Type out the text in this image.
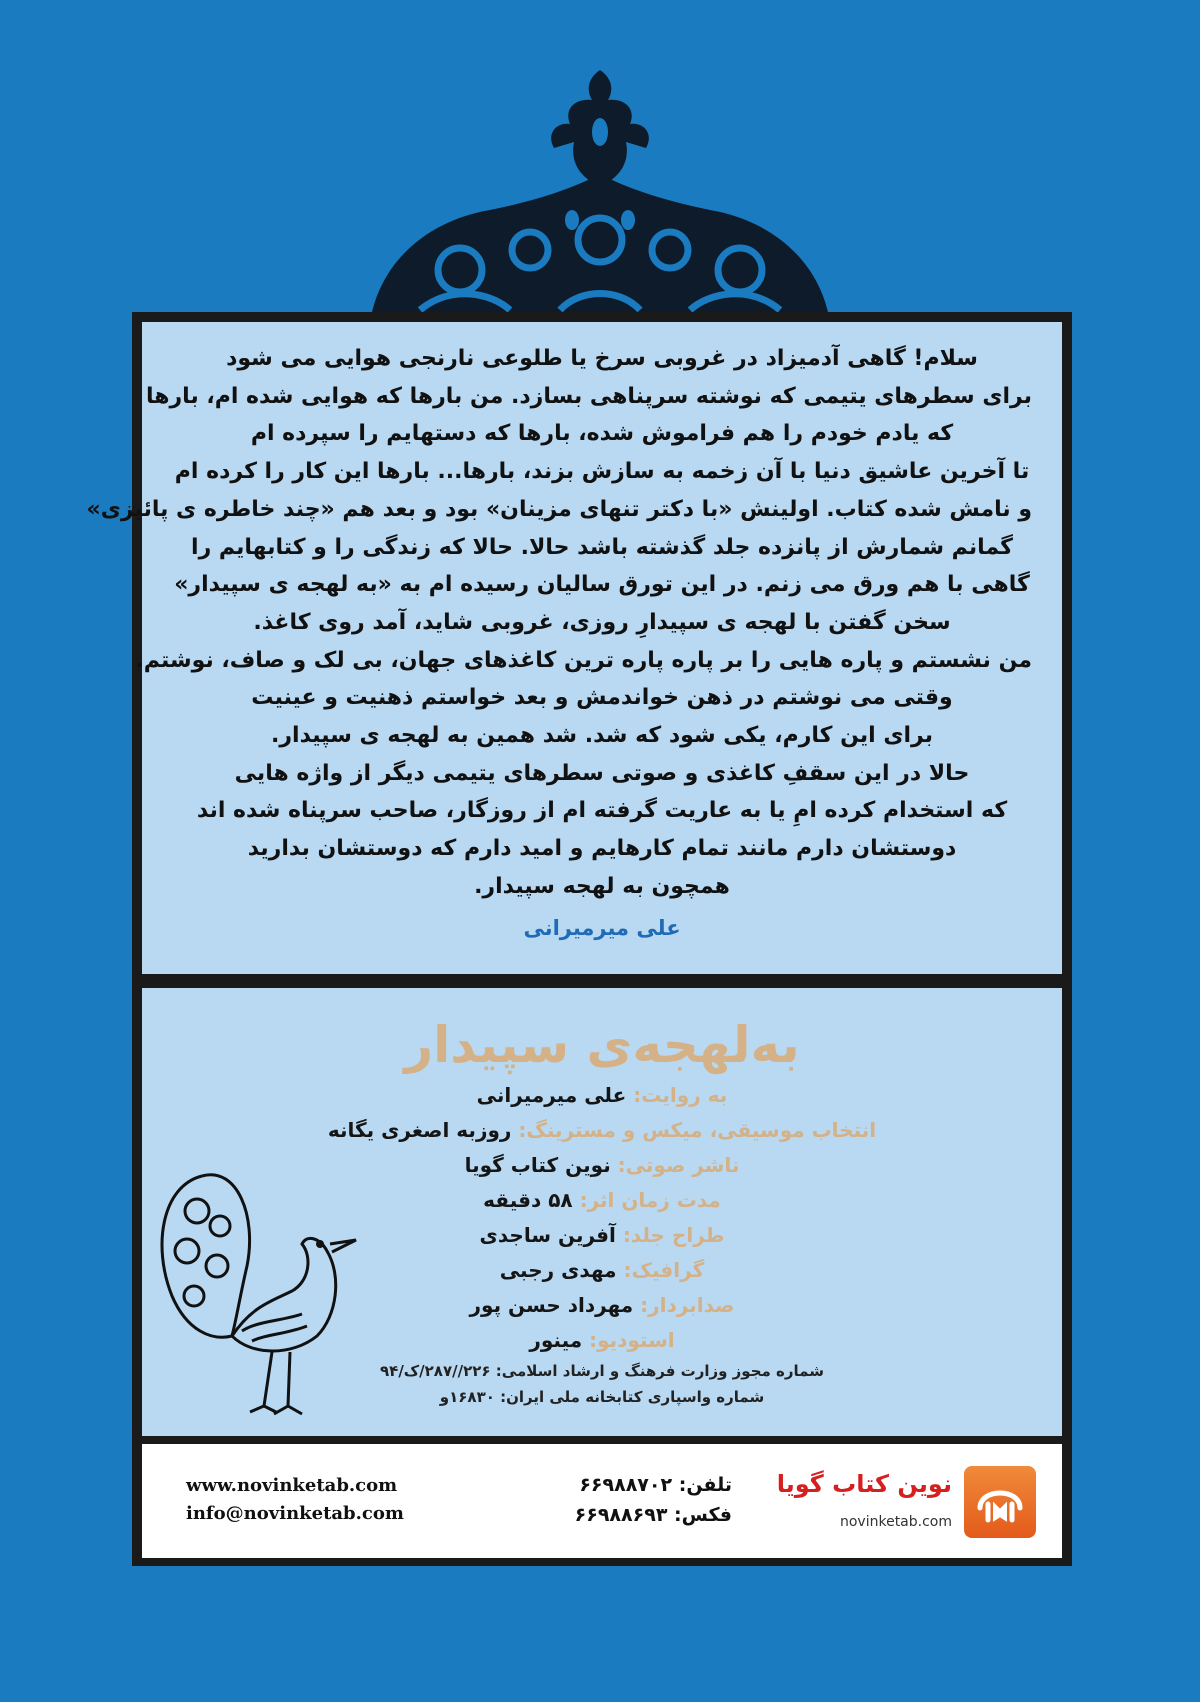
سلام! گاهی آدمیزاد در غروبی سرخ یا طلوعی نارنجی هوایی می شود

برای سطرهای یتیمی که نوشته سرپناهی بسازد. من بارها که هوایی شده ام، بارها

که یادم خودم را هم فراموش شده، بارها که دستهایم را سپرده ام

تا آخرین عاشیق دنیا با آن زخمه به سازش بزند، بارها... بارها این کار را کرده ام

و نامش شده کتاب. اولینش «با دکتر تنهای مزینان» بود و بعد هم «چند خاطره ی پائیزی»

گمانم شمارش از پانزده جلد گذشته باشد حالا. حالا که زندگی را و کتابهایم را

گاهی با هم ورق می زنم. در این تورق سالیان رسیده ام به «به لهجه ی سپیدار»

سخن گفتن با لهجه ی سپیدارِ روزی، غروبی شاید، آمد روی کاغذ.

من نشستم و پاره هایی را بر پاره پاره ترین کاغذهای جهان، بی لک و صاف، نوشتم.

وقتی می نوشتم در ذهن خواندمش و بعد خواستم ذهنیت و عینیت

برای این کارم، یکی شود که شد. شد همین به لهجه ی سپیدار.

حالا در این سقفِ کاغذی و صوتی سطرهای یتیمی دیگر از واژه هایی

که استخدام کرده امِ یا به عاریت گرفته ام از روزگار، صاحب سرپناه شده اند

دوستشان دارم مانند تمام کارهایم و امید دارم که دوستشان بدارید

همچون به لهجه سپیدار.

علی میرمیرانی
به‌لهجه‌ی سپیدار
به روایت: علی میرمیرانی
انتخاب موسیقی، میکس و مسترینگ: روزبه اصغری یگانه
ناشر صوتی: نوین کتاب گویا
مدت زمان اثر: ۵۸ دقیقه
طراح جلد: آفرین ساجدی
گرافیک: مهدی رجبی
صدابردار: مهرداد حسن پور
استودیو: مینور
شماره مجوز وزارت فرهنگ و ارشاد اسلامی: ۲۲۶//۲۸۷/ک/۹۴
شماره واسپاری کتابخانه ملی ایران: ۱۶۸۳۰و
www.novinketab.com
info@novinketab.com
تلفن: ۶۶۹۸۸۷۰۲
فکس: ۶۶۹۸۸۶۹۳
نوین کتاب گویا
novinketab.com
